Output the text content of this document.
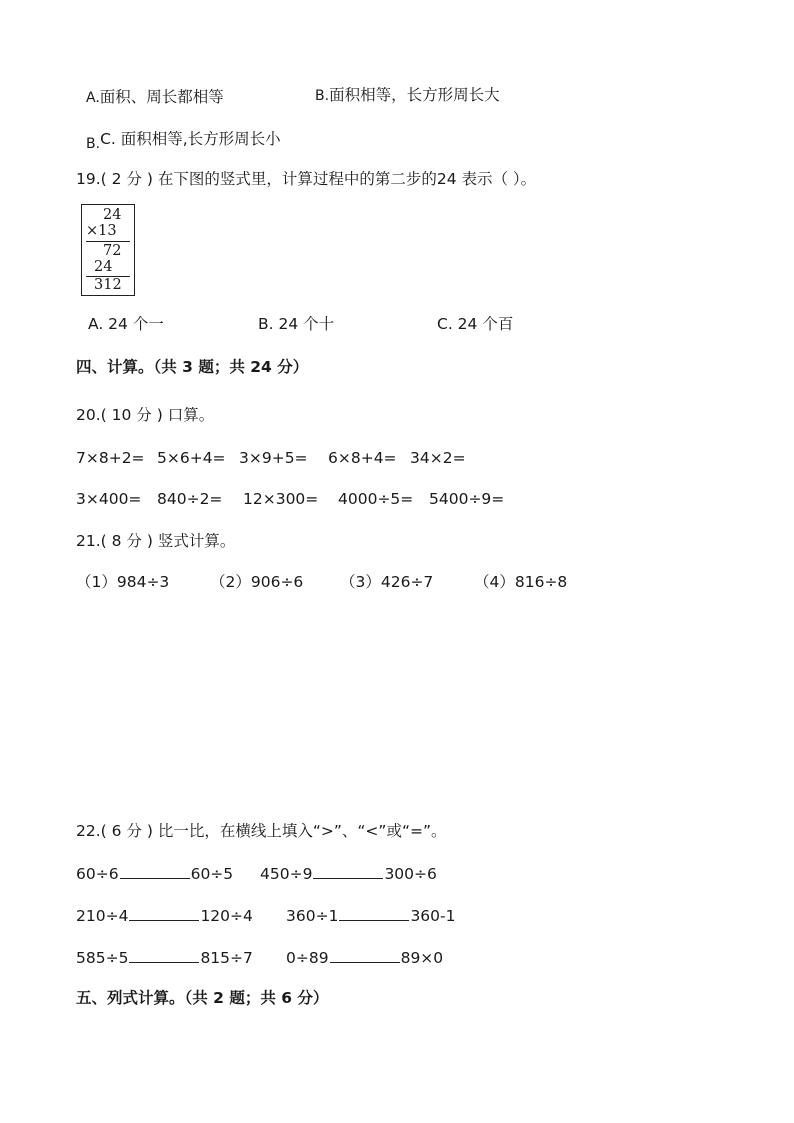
A.面积、周长都相等	B.面积相等，长方形周长大
B.C. 面积相等,长方形周长小
19.( 2 分 ) 在下图的竖式里，计算过程中的第二步的24 表示（ ）。
24
×13
72
24
312
A. 24 个一	B. 24 个十	C. 24 个百
四、计算。（共 3 题；共 24 分）
20.( 10 分 ) 口算。
7×8+2= 5×6+4= 3×9+5= 6×8+4= 34×2=
3×400= 840÷2= 12×300= 4000÷5= 5400÷9=
21.( 8 分 ) 竖式计算。
（1）984÷3	（2）906÷6 （3）426÷7	（4）816÷8
22.( 6 分 ) 比一比，在横线上填入“>”、“<”或“=”。
60÷6	60÷5 450÷9	300÷6
210÷4	120÷4 360÷1	360-1
585÷5	815÷7 0÷89	89×0
五、列式计算。（共 2 题；共 6 分）
